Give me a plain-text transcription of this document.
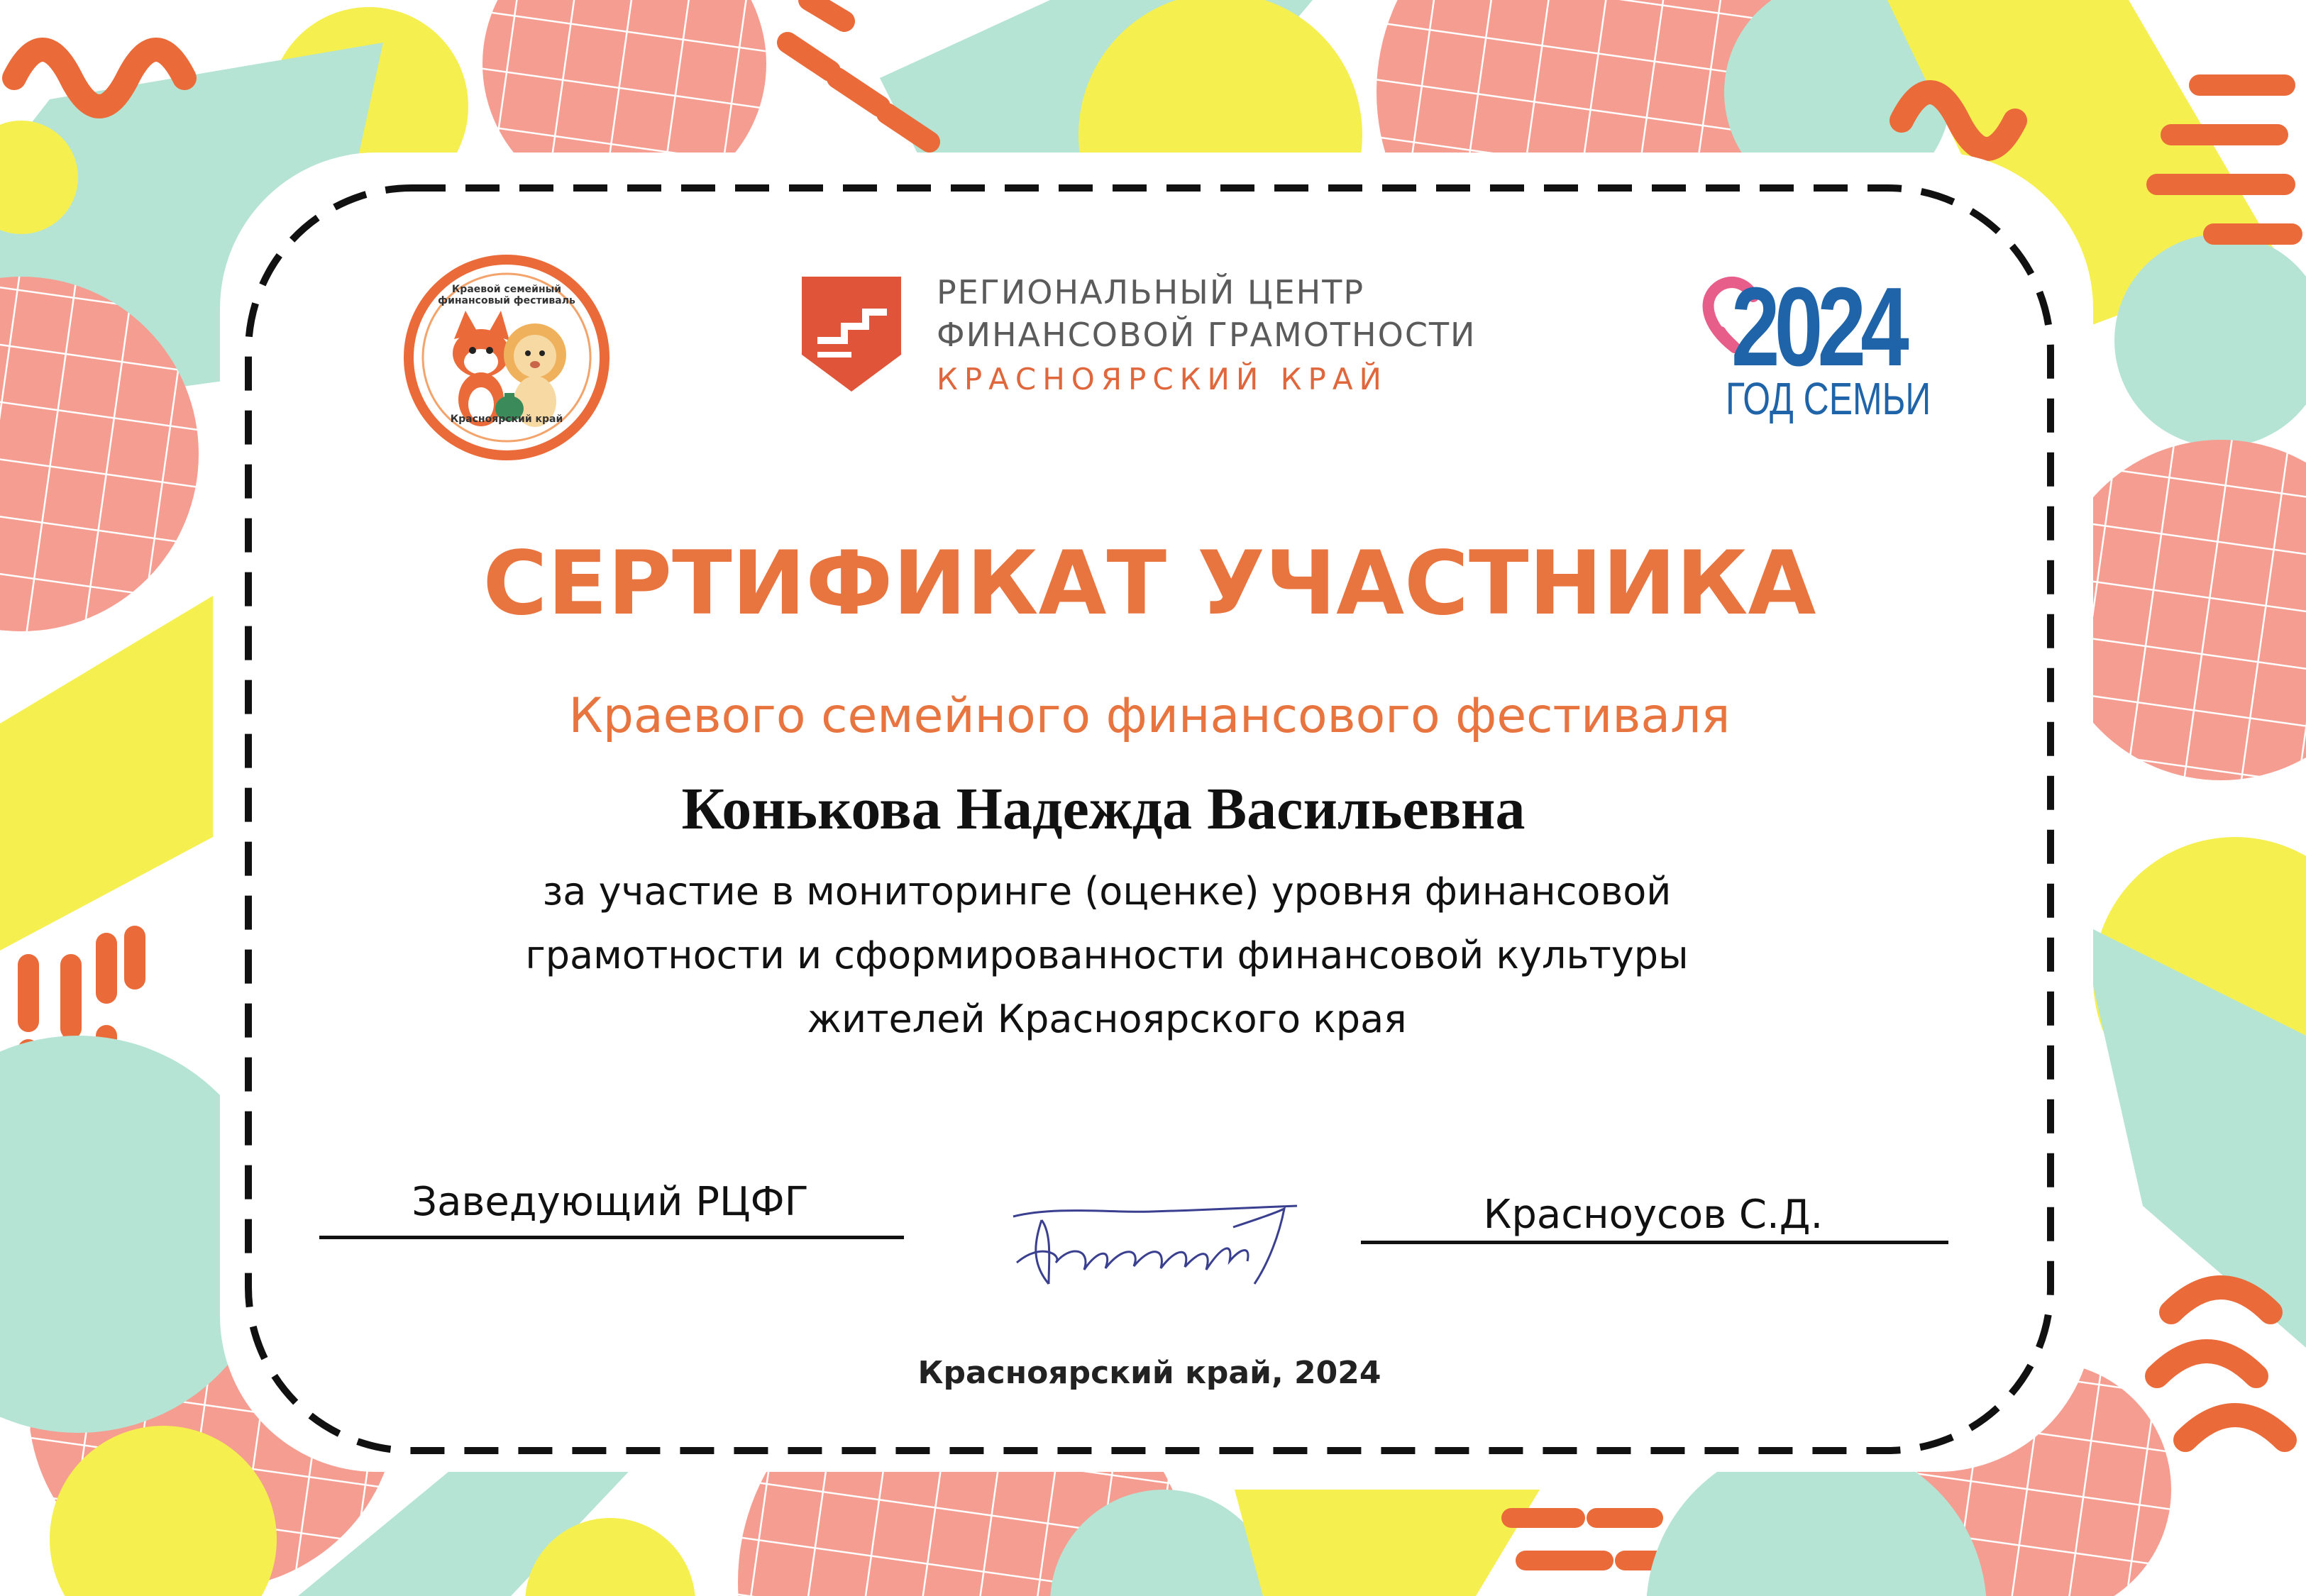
Краевой семейный
финансовый фестиваль
Красноярский край
РЕГИОНАЛЬНЫЙ ЦЕНТР
ФИНАНСОВОЙ ГРАМОТНОСТИ
КРАСНОЯРСКИЙ КРАЙ	2024
ГОД СЕМЬИ
СЕРТИФИКАТ УЧАСТНИКА
Краевого семейного финансового фестиваля
Конькова Надежда Васильевна
за участие в мониторинге (оценке) уровня финансовой
грамотности и сформированности финансовой культуры
жителей Красноярского края
Заведующий РЦФГ	Красноусов С.Д.
Красноярский край, 2024
